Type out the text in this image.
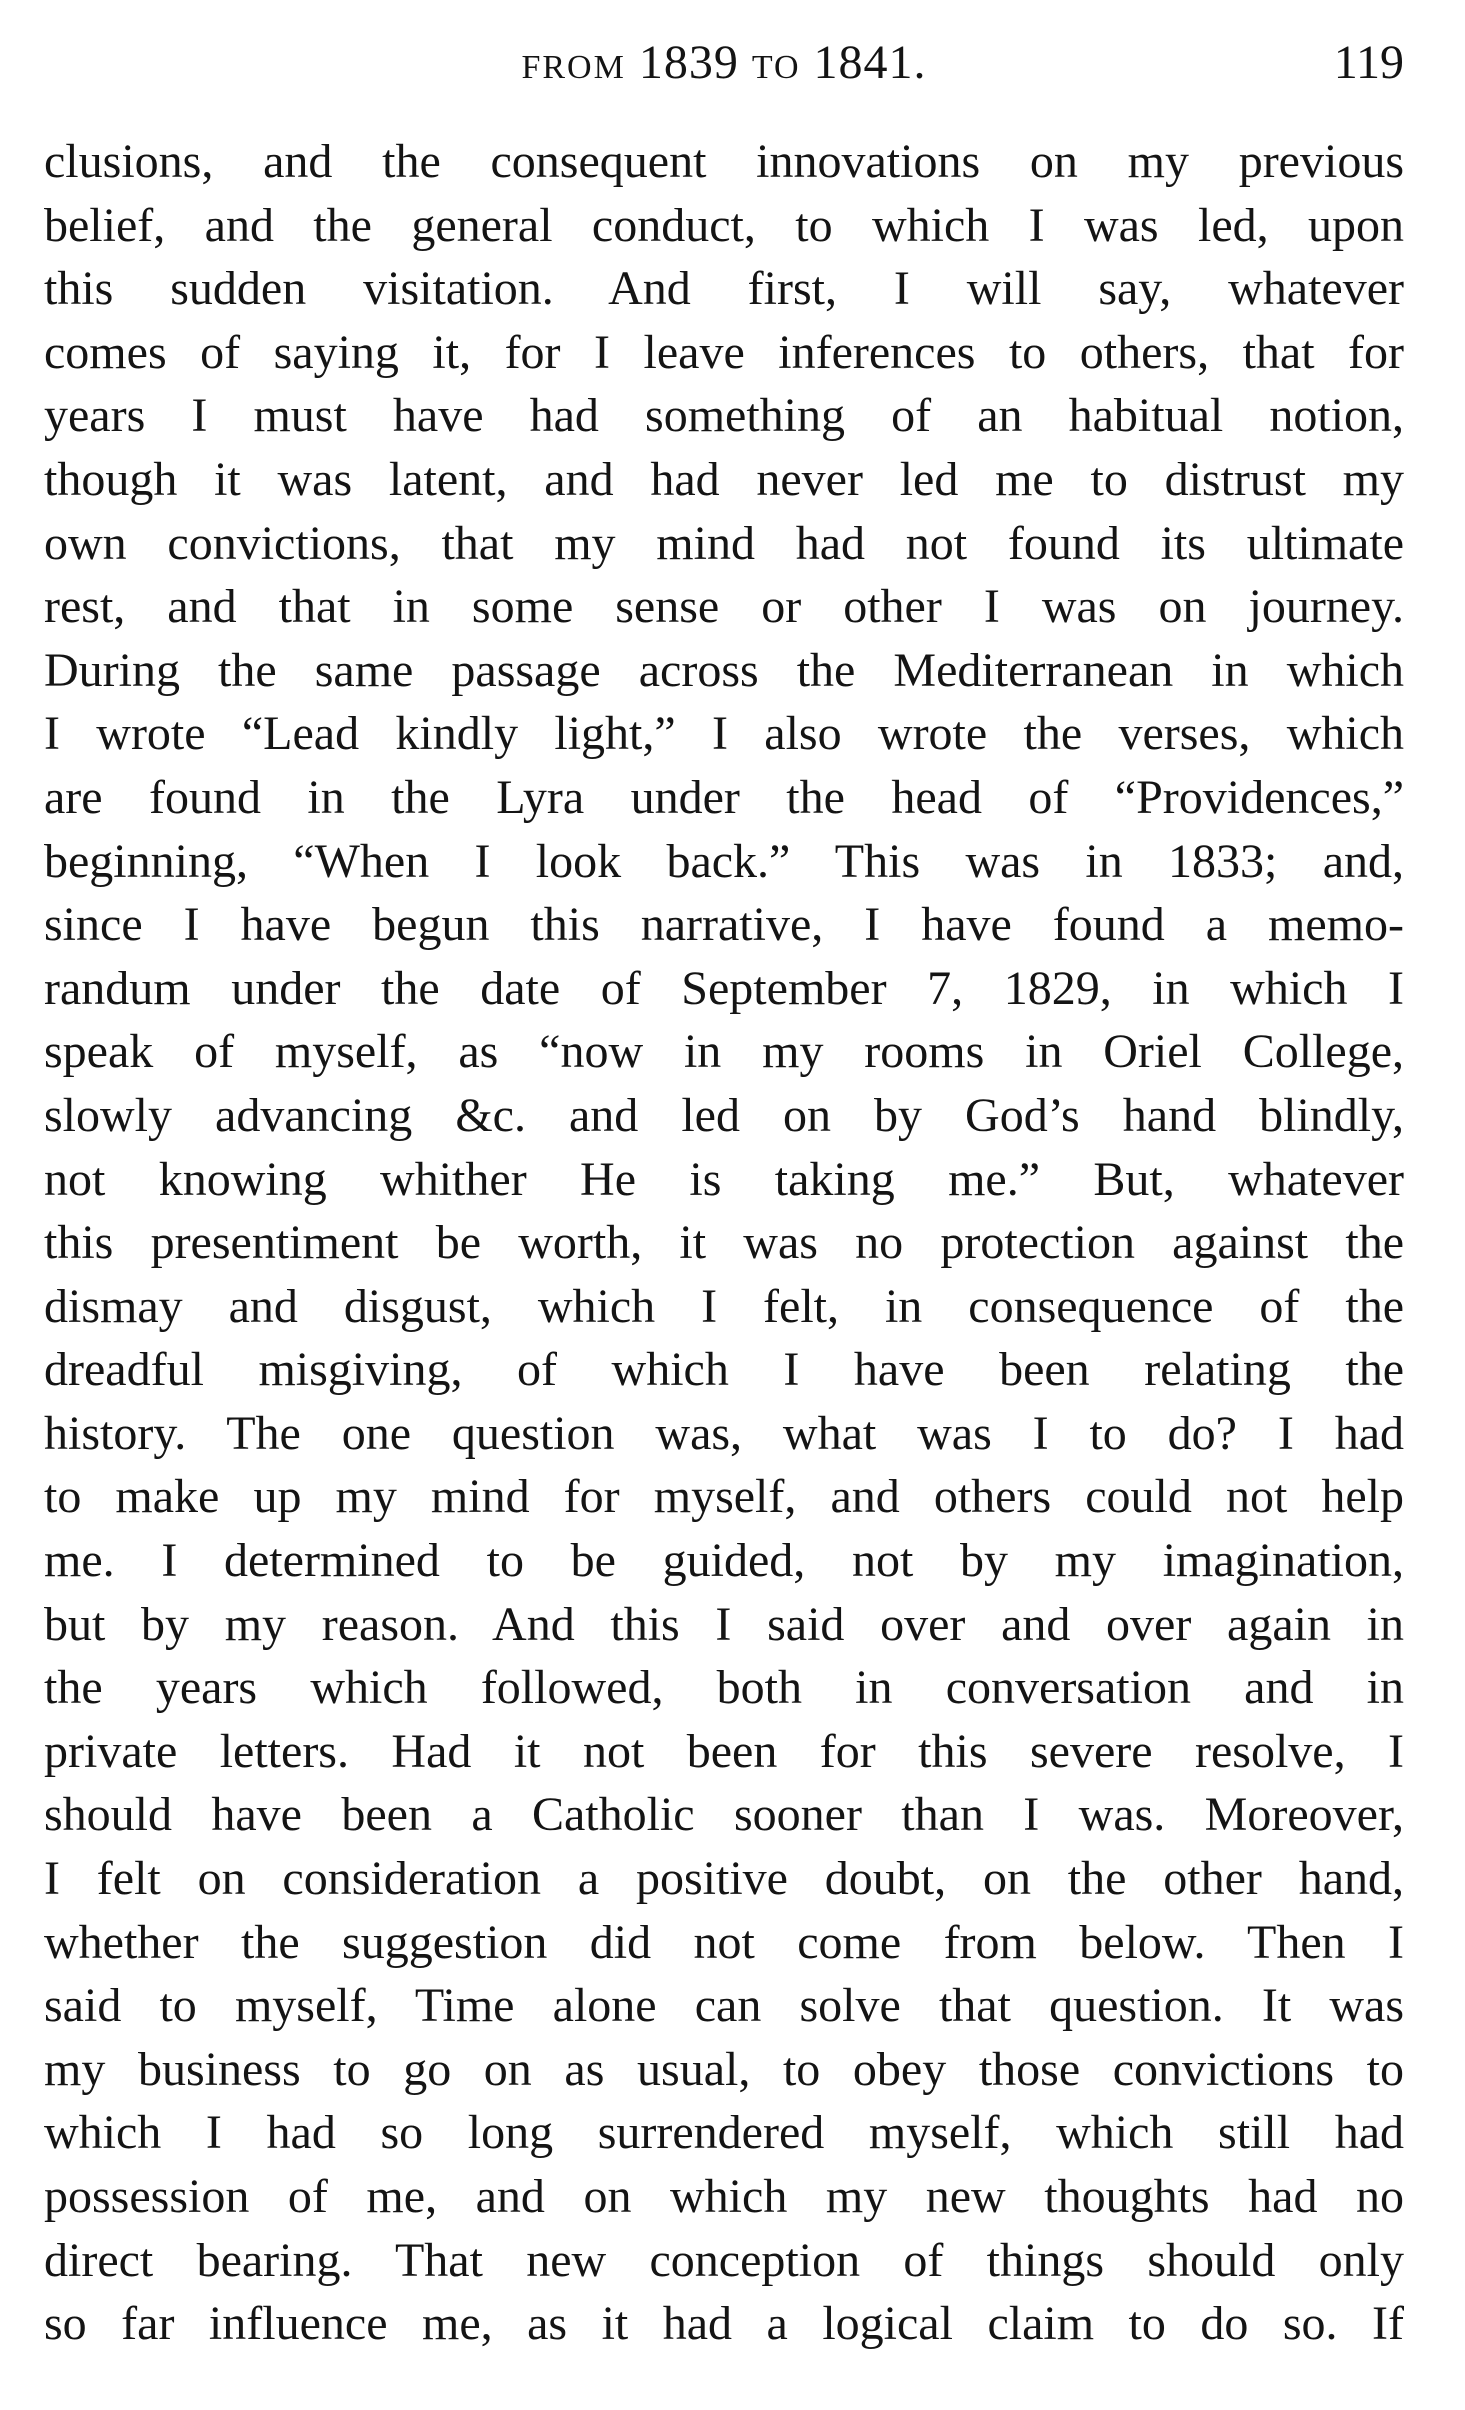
FROM 1839 TO 1841.	119
clusions, and the consequent innovations on my previous
belief, and the general conduct, to which I was led, upon
this sudden visitation. And first, I will say, whatever
comes of saying it, for I leave inferences to others, that for
years I must have had something of an habitual notion,
though it was latent, and had never led me to distrust my
own convictions, that my mind had not found its ultimate
rest, and that in some sense or other I was on journey.
During the same passage across the Mediterranean in which
I wrote “Lead kindly light,” I also wrote the verses, which
are found in the Lyra under the head of “Providences,”
beginning, “When I look back.” This was in 1833; and,
since I have begun this narrative, I have found a memo-
randum under the date of September 7, 1829, in which I
speak of myself, as “now in my rooms in Oriel College,
slowly advancing &c. and led on by God’s hand blindly,
not knowing whither He is taking me.” But, whatever
this presentiment be worth, it was no protection against the
dismay and disgust, which I felt, in consequence of the
dreadful misgiving, of which I have been relating the
history. The one question was, what was I to do? I had
to make up my mind for myself, and others could not help
me. I determined to be guided, not by my imagination,
but by my reason. And this I said over and over again in
the years which followed, both in conversation and in
private letters. Had it not been for this severe resolve, I
should have been a Catholic sooner than I was. Moreover,
I felt on consideration a positive doubt, on the other hand,
whether the suggestion did not come from below. Then I
said to myself, Time alone can solve that question. It was
my business to go on as usual, to obey those convictions to
which I had so long surrendered myself, which still had
possession of me, and on which my new thoughts had no
direct bearing. That new conception of things should only
so far influence me, as it had a logical claim to do so. If
